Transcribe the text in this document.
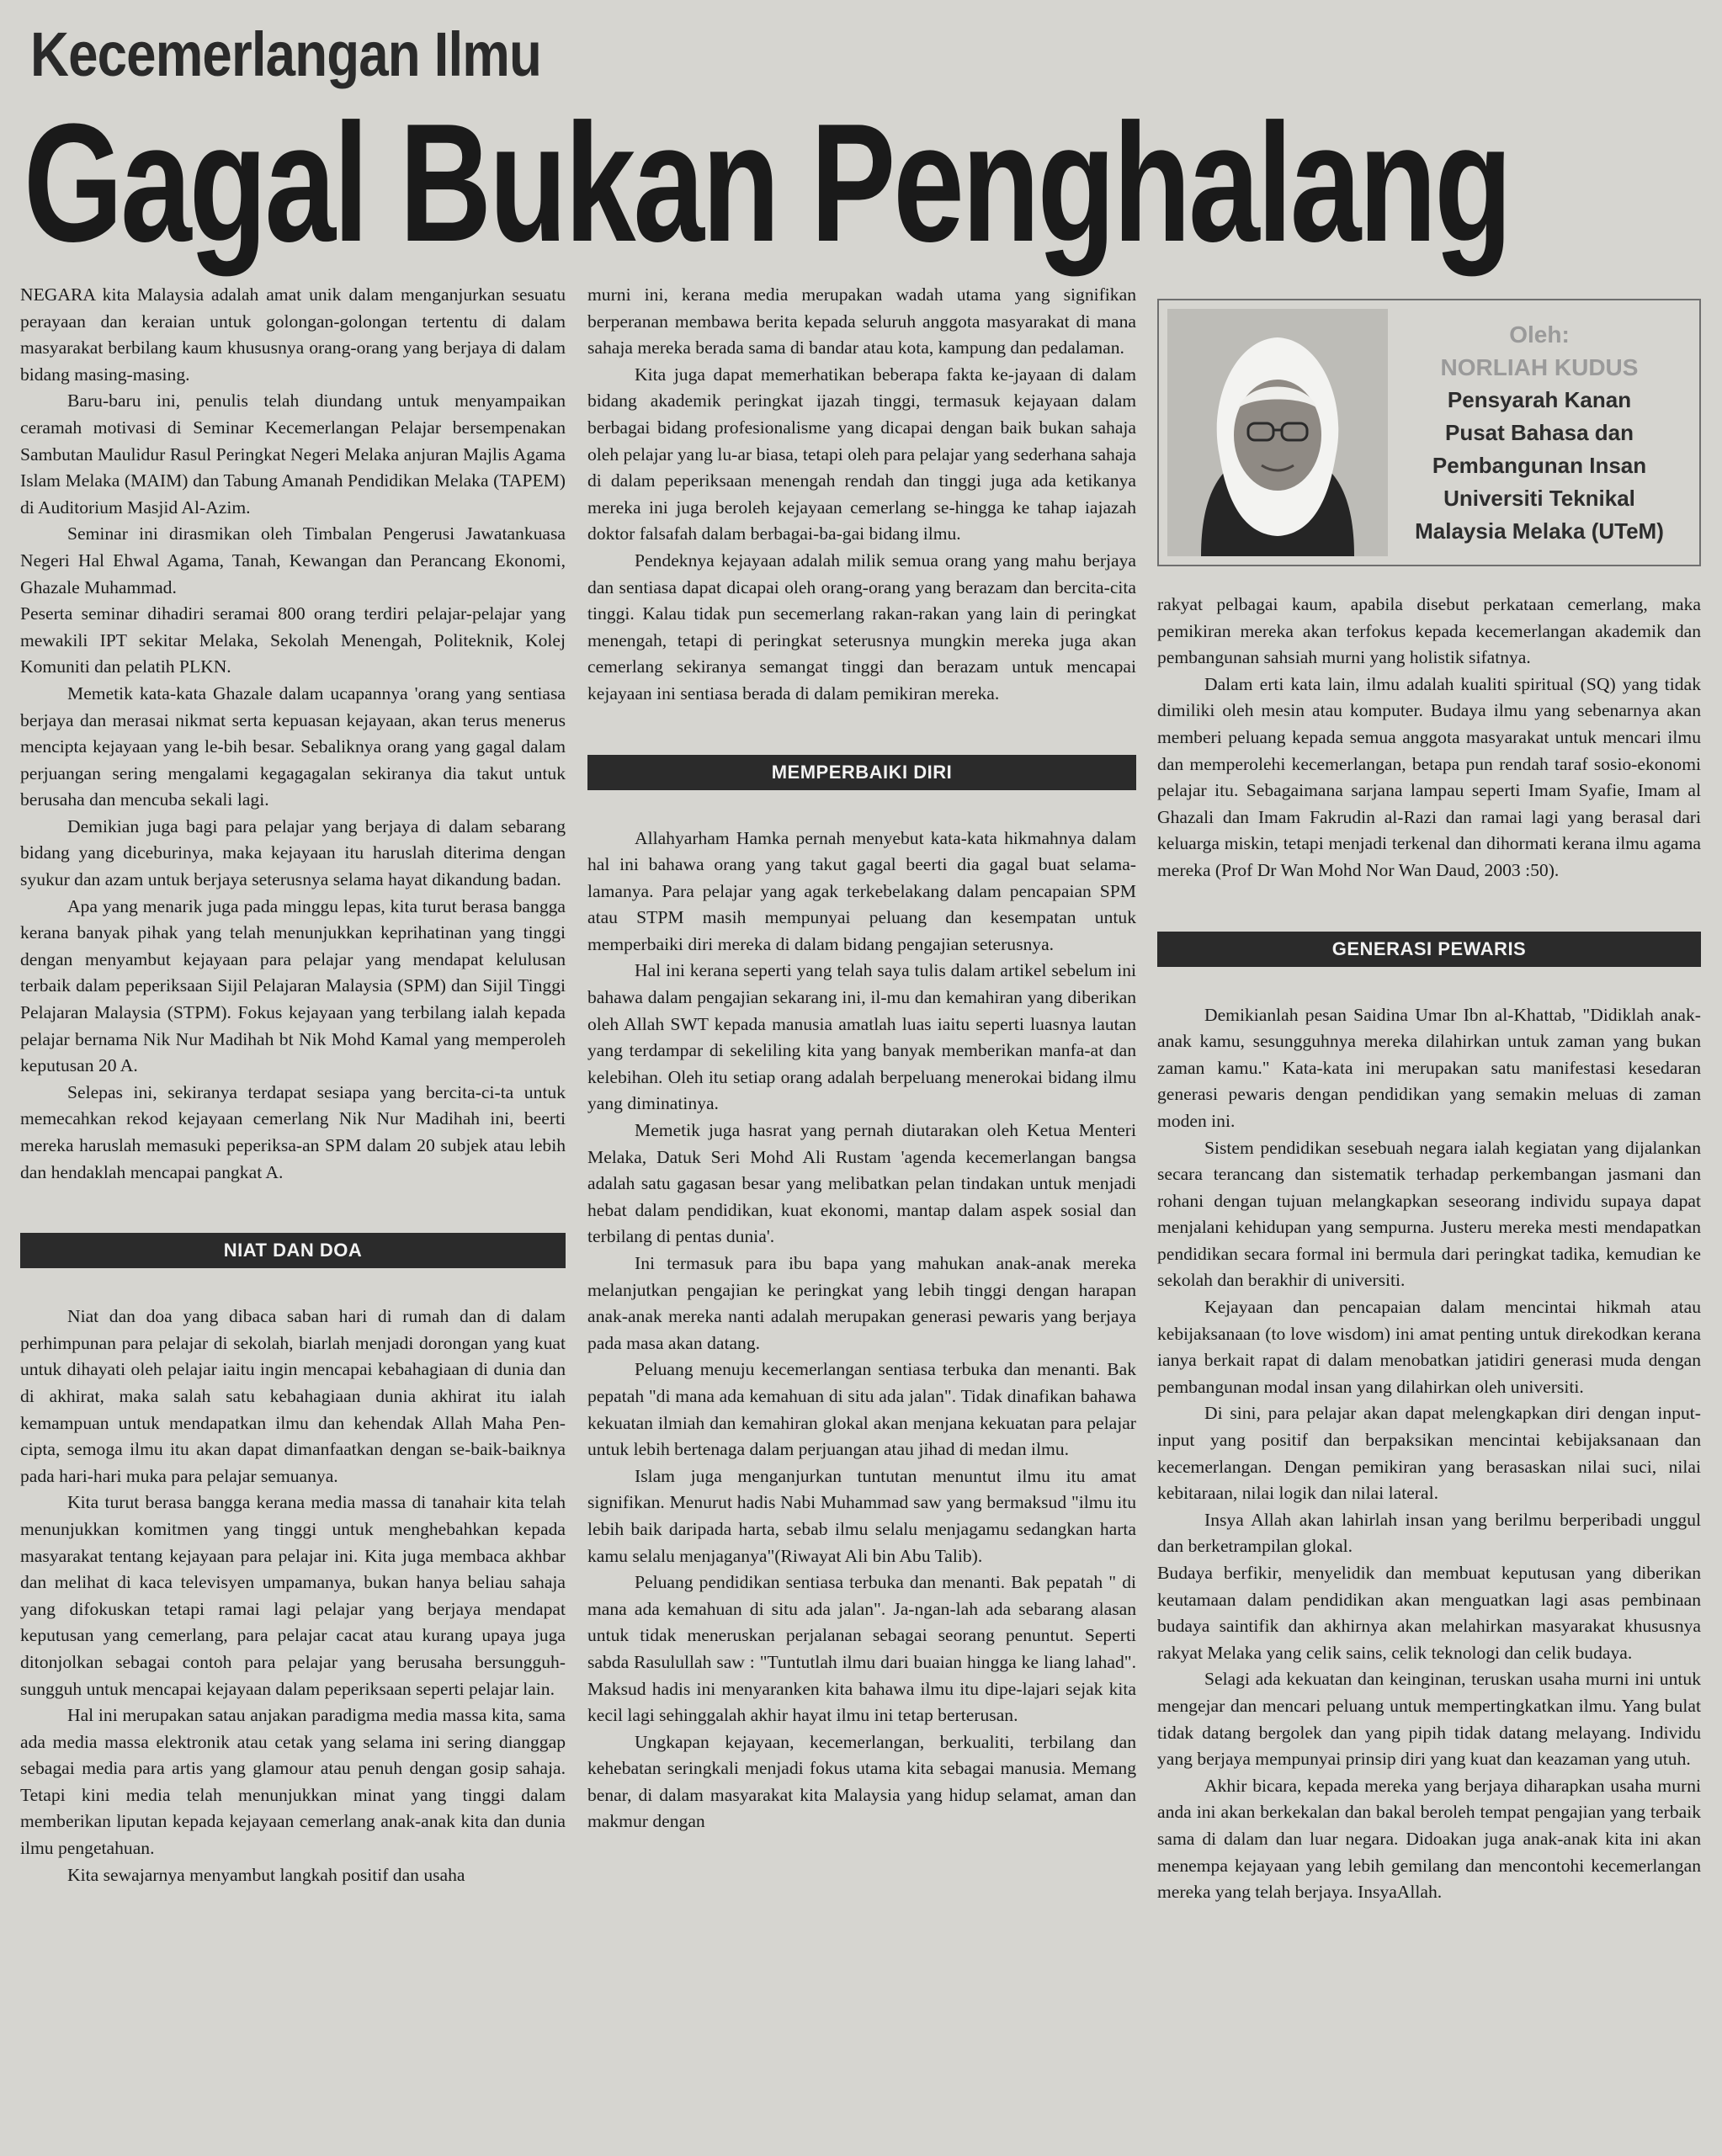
Kecemerlangan Ilmu
Gagal Bukan Penghalang

NEGARA kita Malaysia adalah amat unik dalam menganjurkan sesuatu perayaan dan keraian untuk golongan-golongan tertentu di dalam masyarakat berbilang kaum khususnya orang-orang yang berjaya di dalam bidang masing-masing.

Baru-baru ini, penulis telah diundang untuk menyampaikan ceramah motivasi di Seminar Kecemerlangan Pelajar bersempenakan Sambutan Maulidur Rasul Peringkat Negeri Melaka anjuran Majlis Agama Islam Melaka (MAIM) dan Tabung Amanah Pendidikan Melaka (TAPEM) di Auditorium Masjid Al-Azim.

Seminar ini dirasmikan oleh Timbalan Pengerusi Jawatankuasa Negeri Hal Ehwal Agama, Tanah, Kewangan dan Perancang Ekonomi, Ghazale Muhammad.

Peserta seminar dihadiri seramai 800 orang terdiri pelajar-pelajar yang mewakili IPT sekitar Melaka, Sekolah Menengah, Politeknik, Kolej Komuniti dan pelatih PLKN.

Memetik kata-kata Ghazale dalam ucapannya 'orang yang sentiasa berjaya dan merasai nikmat serta kepuasan kejayaan, akan terus menerus mencipta kejayaan yang le-bih besar. Sebaliknya orang yang gagal dalam perjuangan sering mengalami kegagagalan sekiranya dia takut untuk berusaha dan mencuba sekali lagi.

Demikian juga bagi para pelajar yang berjaya di dalam sebarang bidang yang diceburinya, maka kejayaan itu haruslah diterima dengan syukur dan azam untuk berjaya seterusnya selama hayat dikandung badan.

Apa yang menarik juga pada minggu lepas, kita turut berasa bangga kerana banyak pihak yang telah menunjukkan keprihatinan yang tinggi dengan menyambut kejayaan para pelajar yang mendapat kelulusan terbaik dalam peperiksaan Sijil Pelajaran Malaysia (SPM) dan Sijil Tinggi Pelajaran Malaysia (STPM). Fokus kejayaan yang terbilang ialah kepada pelajar bernama Nik Nur Madihah bt Nik Mohd Kamal yang memperoleh keputusan 20 A.

Selepas ini, sekiranya terdapat sesiapa yang bercita-ci-ta untuk memecahkan rekod kejayaan cemerlang Nik Nur Madihah ini, beerti mereka haruslah memasuki peperiksa-an SPM dalam 20 subjek atau lebih dan hendaklah mencapai pangkat A.

NIAT DAN DOA

Niat dan doa yang dibaca saban hari di rumah dan di dalam perhimpunan para pelajar di sekolah, biarlah menjadi dorongan yang kuat untuk dihayati oleh pelajar iaitu ingin mencapai kebahagiaan di dunia dan di akhirat, maka salah satu kebahagiaan dunia akhirat itu ialah kemampuan untuk mendapatkan ilmu dan kehendak Allah Maha Pen-cipta, semoga ilmu itu akan dapat dimanfaatkan dengan se-baik-baiknya pada hari-hari muka para pelajar semuanya.

Kita turut berasa bangga kerana media massa di tanahair kita telah menunjukkan komitmen yang tinggi untuk menghebahkan kepada masyarakat tentang kejayaan para pelajar ini. Kita juga membaca akhbar dan melihat di kaca televisyen umpamanya, bukan hanya beliau sahaja yang difokuskan tetapi ramai lagi pelajar yang berjaya mendapat keputusan yang cemerlang, para pelajar cacat atau kurang upaya juga ditonjolkan sebagai contoh para pelajar yang berusaha bersungguh-sungguh untuk mencapai kejayaan dalam peperiksaan seperti pelajar lain.

Hal ini merupakan satau anjakan paradigma media massa kita, sama ada media massa elektronik atau cetak yang selama ini sering dianggap sebagai media para artis yang glamour atau penuh dengan gosip sahaja. Tetapi kini media telah menunjukkan minat yang tinggi dalam memberikan liputan kepada kejayaan cemerlang anak-anak kita dan dunia ilmu pengetahuan.

Kita sewajarnya menyambut langkah positif dan usaha

murni ini, kerana media merupakan wadah utama yang signifikan berperanan membawa berita kepada seluruh anggota masyarakat di mana sahaja mereka berada sama di bandar atau kota, kampung dan pedalaman.

Kita juga dapat memerhatikan beberapa fakta ke-jayaan di dalam bidang akademik peringkat ijazah tinggi, termasuk kejayaan dalam berbagai bidang profesionalisme yang dicapai dengan baik bukan sahaja oleh pelajar yang lu-ar biasa, tetapi oleh para pelajar yang sederhana sahaja di dalam peperiksaan menengah rendah dan tinggi juga ada ketikanya mereka ini juga beroleh kejayaan cemerlang se-hingga ke tahap iajazah doktor falsafah dalam berbagai-ba-gai bidang ilmu.

Pendeknya kejayaan adalah milik semua orang yang mahu berjaya dan sentiasa dapat dicapai oleh orang-orang yang berazam dan bercita-cita tinggi. Kalau tidak pun secemerlang rakan-rakan yang lain di peringkat menengah, tetapi di peringkat seterusnya mungkin mereka juga akan cemerlang sekiranya semangat tinggi dan berazam untuk mencapai kejayaan ini sentiasa berada di dalam pemikiran mereka.

MEMPERBAIKI DIRI

Allahyarham Hamka pernah menyebut kata-kata hikmahnya dalam hal ini bahawa orang yang takut gagal beerti dia gagal buat selama-lamanya. Para pelajar yang agak terkebelakang dalam pencapaian SPM atau STPM masih mempunyai peluang dan kesempatan untuk memperbaiki diri mereka di dalam bidang pengajian seterusnya.

Hal ini kerana seperti yang telah saya tulis dalam artikel sebelum ini bahawa dalam pengajian sekarang ini, il-mu dan kemahiran yang diberikan oleh Allah SWT kepada manusia amatlah luas iaitu seperti luasnya lautan yang terdampar di sekeliling kita yang banyak memberikan manfa-at dan kelebihan. Oleh itu setiap orang adalah berpeluang menerokai bidang ilmu yang diminatinya.

Memetik juga hasrat yang pernah diutarakan oleh Ketua Menteri Melaka, Datuk Seri Mohd Ali Rustam 'agenda kecemerlangan bangsa adalah satu gagasan besar yang melibatkan pelan tindakan untuk menjadi hebat dalam pendidikan, kuat ekonomi, mantap dalam aspek sosial dan terbilang di pentas dunia'.

Ini termasuk para ibu bapa yang mahukan anak-anak mereka melanjutkan pengajian ke peringkat yang lebih tinggi dengan harapan anak-anak mereka nanti adalah merupakan generasi pewaris yang berjaya pada masa akan datang.

Peluang menuju kecemerlangan sentiasa terbuka dan menanti. Bak pepatah "di mana ada kemahuan di situ ada jalan". Tidak dinafikan bahawa kekuatan ilmiah dan kemahiran glokal akan menjana kekuatan para pelajar untuk lebih bertenaga dalam perjuangan atau jihad di medan ilmu.

Islam juga menganjurkan tuntutan menuntut ilmu itu amat signifikan. Menurut hadis Nabi Muhammad saw yang bermaksud "ilmu itu lebih baik daripada harta, sebab ilmu selalu menjagamu sedangkan harta kamu selalu menjaganya"(Riwayat Ali bin Abu Talib).

Peluang pendidikan sentiasa terbuka dan menanti. Bak pepatah " di mana ada kemahuan di situ ada jalan". Ja-ngan-lah ada sebarang alasan untuk tidak meneruskan perjalanan sebagai seorang penuntut. Seperti sabda Rasulullah saw : "Tuntutlah ilmu dari buaian hingga ke liang lahad". Maksud hadis ini menyaranken kita bahawa ilmu itu dipe-lajari sejak kita kecil lagi sehinggalah akhir hayat ilmu ini tetap berterusan.

Ungkapan kejayaan, kecemerlangan, berkualiti, terbilang dan kehebatan seringkali menjadi fokus utama kita sebagai manusia. Memang benar, di dalam masyarakat kita Malaysia yang hidup selamat, aman dan makmur dengan

Oleh:
NORLIAH KUDUS
Pensyarah Kanan
Pusat Bahasa dan
Pembangunan Insan
Universiti Teknikal
Malaysia Melaka (UTeM)

rakyat pelbagai kaum, apabila disebut perkataan cemerlang, maka pemikiran mereka akan terfokus kepada kecemerlangan akademik dan pembangunan sahsiah murni yang holistik sifatnya.

Dalam erti kata lain, ilmu adalah kualiti spiritual (SQ) yang tidak dimiliki oleh mesin atau komputer. Budaya ilmu yang sebenarnya akan memberi peluang kepada semua anggota masyarakat untuk mencari ilmu dan memperolehi kecemerlangan, betapa pun rendah taraf sosio-ekonomi pelajar itu. Sebagaimana sarjana lampau seperti Imam Syafie, Imam al Ghazali dan Imam Fakrudin al-Razi dan ramai lagi yang berasal dari keluarga miskin, tetapi menjadi terkenal dan dihormati kerana ilmu agama mereka (Prof Dr Wan Mohd Nor Wan Daud, 2003 :50).

GENERASI PEWARIS

Demikianlah pesan Saidina Umar Ibn al-Khattab, "Didiklah anak-anak kamu, sesungguhnya mereka dilahirkan untuk zaman yang bukan zaman kamu." Kata-kata ini merupakan satu manifestasi kesedaran generasi pewaris dengan pendidikan yang semakin meluas di zaman moden ini.

Sistem pendidikan sesebuah negara ialah kegiatan yang dijalankan secara terancang dan sistematik terhadap perkembangan jasmani dan rohani dengan tujuan melangkapkan seseorang individu supaya dapat menjalani kehidupan yang sempurna. Justeru mereka mesti mendapatkan pendidikan secara formal ini bermula dari peringkat tadika, kemudian ke sekolah dan berakhir di universiti.

Kejayaan dan pencapaian dalam mencintai hikmah atau kebijaksanaan (to love wisdom) ini amat penting untuk direkodkan kerana ianya berkait rapat di dalam menobatkan jatidiri generasi muda dengan pembangunan modal insan yang dilahirkan oleh universiti.

Di sini, para pelajar akan dapat melengkapkan diri dengan input-input yang positif dan berpaksikan mencintai kebijaksanaan dan kecemerlangan. Dengan pemikiran yang berasaskan nilai suci, nilai kebitaraan, nilai logik dan nilai lateral.

Insya Allah akan lahirlah insan yang berilmu berperibadi unggul dan berketrampilan glokal.

Budaya berfikir, menyelidik dan membuat keputusan yang diberikan keutamaan dalam pendidikan akan menguatkan lagi asas pembinaan budaya saintifik dan akhirnya akan melahirkan masyarakat khususnya rakyat Melaka yang celik sains, celik teknologi dan celik budaya.

Selagi ada kekuatan dan keinginan, teruskan usaha murni ini untuk mengejar dan mencari peluang untuk mempertingkatkan ilmu. Yang bulat tidak datang bergolek dan yang pipih tidak datang melayang. Individu yang berjaya mempunyai prinsip diri yang kuat dan keazaman yang utuh.

Akhir bicara, kepada mereka yang berjaya diharapkan usaha murni anda ini akan berkekalan dan bakal beroleh tempat pengajian yang terbaik sama di dalam dan luar negara. Didoakan juga anak-anak kita ini akan menempa kejayaan yang lebih gemilang dan mencontohi kecemerlangan mereka yang telah berjaya. InsyaAllah.
